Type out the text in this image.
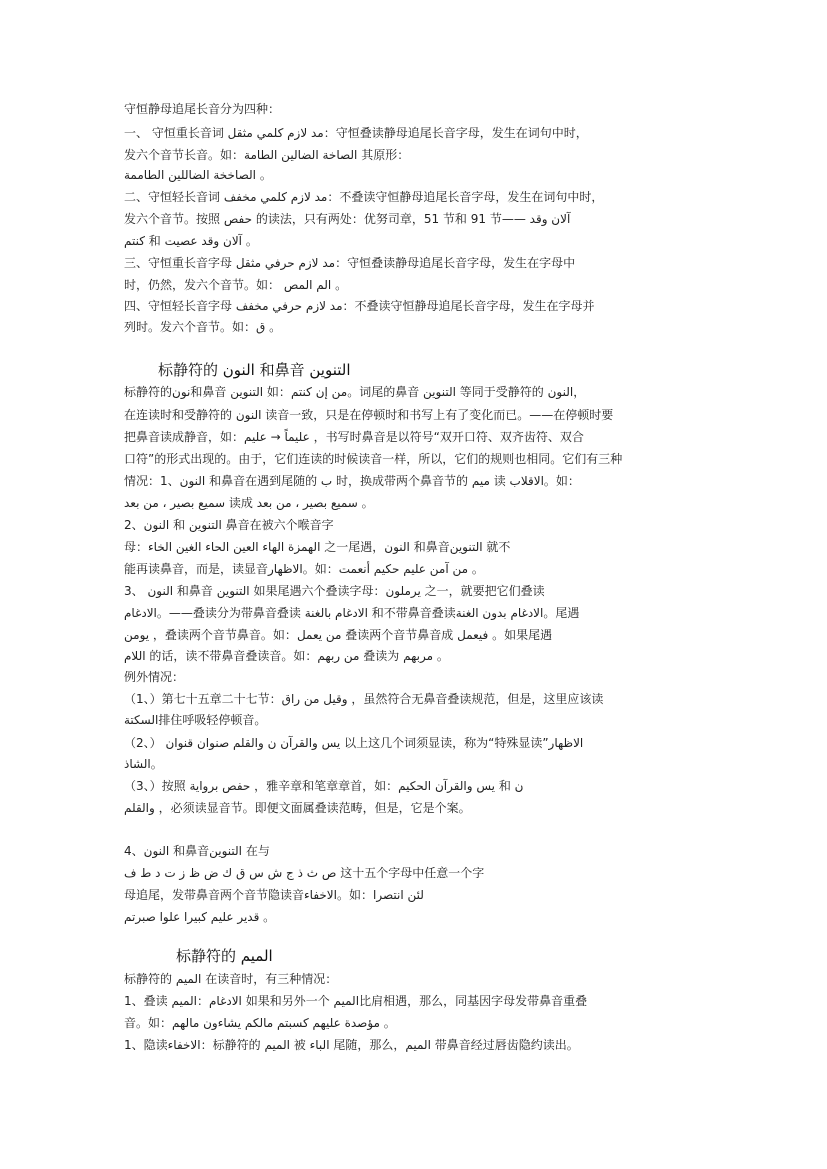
守恒静母追尾长音分为四种：
一、 守恒重长音词 مد لازم كلمي مثقل：守恒叠读静母追尾长音字母，发生在词句中时，
发六个音节长音。如：الصاخة الضالين الطامة 其原形：
الصاخخة الضاللين الطاممة 。
二、守恒轻长音词 مد لازم كلمي مخفف：不叠读守恒静母追尾长音字母，发生在词句中时，
发六个音节。按照 حفص 的读法，只有两处：优努司章，51 节和 91 节—— آلان وقد
كنتم 和 آلان وقد عصيت 。
三、守恒重长音字母 مد لازم حرفي مثقل：守恒叠读静母追尾长音字母，发生在字母中
时，仍然，发六个音节。如： الم المص 。
四、守恒轻长音字母 مد لازم حرفي مخفف：不叠读守恒静母追尾长音字母，发生在字母并
列时。发六个音节。如：ق 。
标静符的 النون 和鼻音 التنوين
标静符的نون和鼻音 التنوين 如：من إن كنتم。词尾的鼻音 التنوين 等同于受静符的 النون，
在连读时和受静符的 النون 读音一致，只是在停顿时和书写上有了变化而已。——在停顿时要
把鼻音读成静音，如：عليماً → عليم ，书写时鼻音是以符号“双开口符、双齐齿符、双合
口符”的形式出现的。由于，它们连读的时候读音一样，所以，它们的规则也相同。它们有三种
情况：1、النون 和鼻音在遇到尾随的 ب 时，换成带两个鼻音节的 ميم 读 الاقلاب。如：
سميع بصير ، من بعد 读成 سميع بصير ، من بعد 。
2、النون 和 التنوين 鼻音在被六个喉音字
母：الهمزة الهاء العين الحاء الغين الخاء 之一尾遇，النون 和鼻音التنوين 就不
能再读鼻音，而是，读显音الاظهار。如：من آمن عليم حكيم أنعمت 。
3、 النون 和鼻音 التنوين 如果尾遇六个叠读字母：يرملون 之一，就要把它们叠读
الادغام。——叠读分为带鼻音叠读 الادغام بالغنة 和不带鼻音叠读الادغام بدون الغنة。尾遇
يومن ，叠读两个音节鼻音。如：من يعمل 叠读两个音节鼻音成 فيعمل 。如果尾遇
اللام 的话，读不带鼻音叠读音。如：من ربهم 叠读为 مربهم 。
例外情况：
（1、）第七十五章二十七节：وقيل من راق ，虽然符合无鼻音叠读规范，但是，这里应该读
السكتة排住呼吸轻停顿音。
（2、） يس والقرآن ن والقلم صنوان قنوان 以上这几个词须显读，称为“特殊显读”الاظهار
الشاذ。
（3、）按照 حفص برواية ，雅辛章和笔章章首，如：يس والقرآن الحكيم 和 ن
والقلم ，必须读显音节。即便文面属叠读范畴，但是，它是个案。
4、النون 和鼻音التنوين 在与
ص ث ذ ج ش س ق ك ض ظ ز ت د ط ف 这十五个字母中任意一个字
母追尾，发带鼻音两个音节隐读音الاخفاء。如：لئن انتصرا
قدير عليم كبيرا علوا صبرتم 。
标静符的 الميم
标静符的 الميم 在读音时，有三种情况：
1、叠读 الادغام：الميم 如果和另外一个 الميم比肩相遇，那么，同基因字母发带鼻音重叠
音。如：مؤصدة عليهم كسبتم مالكم يشاءون مالهم 。
1、隐读الاخفاء：标静符的 الميم 被 الباء 尾随，那么，الميم 带鼻音经过唇齿隐约读出。
